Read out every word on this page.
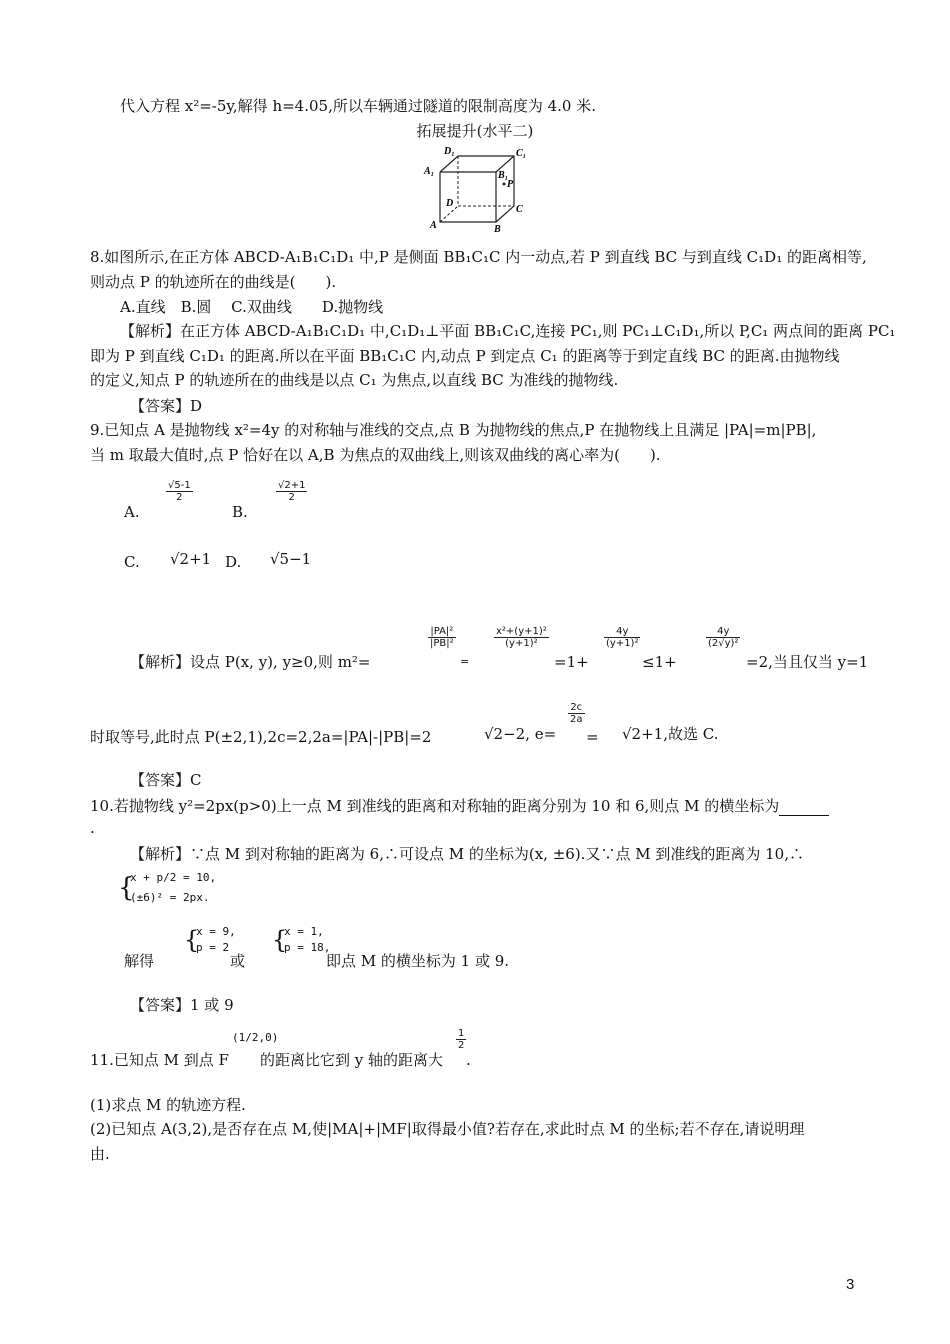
代入方程 x²=-5y,解得 h=4.05,所以车辆通过隧道的限制高度为 4.0 米.
拓展提升(水平二)
A₁
D₁	C₁
B₁
P
D
C
A	B
8.如图所示,在正方体 ABCD-A₁B₁C₁D₁ 中,P 是侧面 BB₁C₁C 内一动点,若 P 到直线 BC 与到直线 C₁D₁ 的距离相等,
则动点 P 的轨迹所在的曲线是(　　).
A.直线　B.圆　 C.双曲线　　D.抛物线
【解析】在正方体 ABCD-A₁B₁C₁D₁ 中,C₁D₁⊥平面 BB₁C₁C,连接 PC₁,则 PC₁⊥C₁D₁,所以 P,C₁ 两点间的距离 PC₁
即为 P 到直线 C₁D₁ 的距离.所以在平面 BB₁C₁C 内,动点 P 到定点 C₁ 的距离等于到定直线 BC 的距离.由抛物线
的定义,知点 P 的轨迹所在的曲线是以点 C₁ 为焦点,以直线 BC 为准线的抛物线.
【答案】D
9.已知点 A 是抛物线 x²=4y 的对称轴与准线的交点,点 B 为抛物线的焦点,P 在抛物线上且满足 |PA|=m|PB|,
当 m 取最大值时,点 P 恰好在以 A,B 为焦点的双曲线上,则该双曲线的离心率为(　　).
A.
$\frac{√5-1}{2}$
B.
$\frac{√2+1}{2}$
C. √2+1 D. √5−1
【解析】设点 P(x, y), y≥0,则 m²=
$\frac{\text{|PA|²}}{\text{|PB|²}}$
=
$\frac{\text{x²+(y+1)²}}{\text{(y+1)²}}$
=1+
$\frac{4y}{\text{(y+1)²}}$
≤1+
$\frac{4y}{\text{(2√y)²}}$
=2,当且仅当 y=1
时取等号,此时点 P(±2,1),2c=2,2a=|PA|-|PB|=2	√2−2, e=
$\frac{2c}{2a}$
= √2+1,故选 C.
【答案】C
10.若抛物线 y²=2px(p>0)上一点 M 到准线的距离和对称轴的距离分别为 10 和 6,则点 M 的横坐标为
.
【解析】∵点 M 到对称轴的距离为 6,∴可设点 M 的坐标为(x, ±6).又∵点 M 到准线的距离为 10,∴
{
x + p/2 = 10,
(±6)² = 2px.
解得
{
x = 9,
p = 2
或
{
x = 1,
p = 18,
即点 M 的横坐标为 1 或 9.
【答案】1 或 9
11.已知点 M 到点 F
(1/2,0)
的距离比它到 y 轴的距离大
$\frac{1}{2}$
.
(1)求点 M 的轨迹方程.
(2)已知点 A(3,2),是否存在点 M,使|MA|+|MF|取得最小值?若存在,求此时点 M 的坐标;若不存在,请说明理
由.
3
